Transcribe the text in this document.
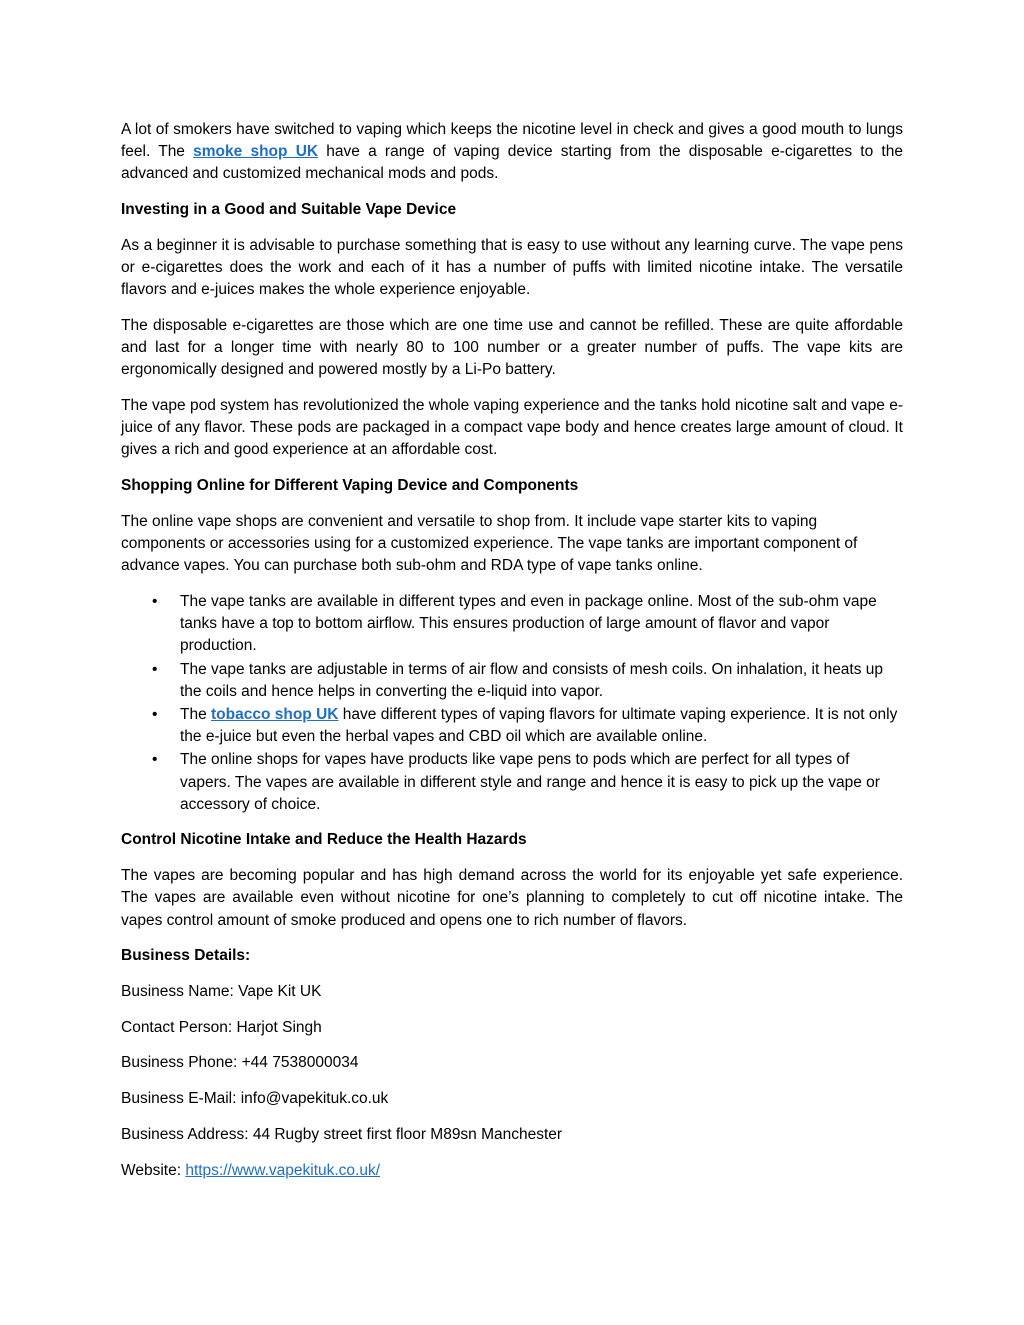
A lot of smokers have switched to vaping which keeps the nicotine level in check and gives a good mouth to lungs feel. The smoke shop UK have a range of vaping device starting from the disposable e-cigarettes to the advanced and customized mechanical mods and pods.

Investing in a Good and Suitable Vape Device

As a beginner it is advisable to purchase something that is easy to use without any learning curve. The vape pens or e-cigarettes does the work and each of it has a number of puffs with limited nicotine intake. The versatile flavors and e-juices makes the whole experience enjoyable.

The disposable e-cigarettes are those which are one time use and cannot be refilled. These are quite affordable and last for a longer time with nearly 80 to 100 number or a greater number of puffs. The vape kits are ergonomically designed and powered mostly by a Li-Po battery.

The vape pod system has revolutionized the whole vaping experience and the tanks hold nicotine salt and vape e-juice of any flavor. These pods are packaged in a compact vape body and hence creates large amount of cloud. It gives a rich and good experience at an affordable cost.

Shopping Online for Different Vaping Device and Components

The online vape shops are convenient and versatile to shop from. It include vape starter kits to vaping components or accessories using for a customized experience. The vape tanks are important component of advance vapes. You can purchase both sub-ohm and RDA type of vape tanks online.

• The vape tanks are available in different types and even in package online. Most of the sub-ohm vape tanks have a top to bottom airflow. This ensures production of large amount of flavor and vapor production.
• The vape tanks are adjustable in terms of air flow and consists of mesh coils. On inhalation, it heats up the coils and hence helps in converting the e-liquid into vapor.
• The tobacco shop UK have different types of vaping flavors for ultimate vaping experience. It is not only the e-juice but even the herbal vapes and CBD oil which are available online.
• The online shops for vapes have products like vape pens to pods which are perfect for all types of vapers. The vapes are available in different style and range and hence it is easy to pick up the vape or accessory of choice.

Control Nicotine Intake and Reduce the Health Hazards

The vapes are becoming popular and has high demand across the world for its enjoyable yet safe experience. The vapes are available even without nicotine for one’s planning to completely to cut off nicotine intake. The vapes control amount of smoke produced and opens one to rich number of flavors.

Business Details:

Business Name: Vape Kit UK

Contact Person: Harjot Singh

Business Phone: +44 7538000034

Business E-Mail: info@vapekituk.co.uk

Business Address: 44 Rugby street first floor M89sn Manchester

Website: https://www.vapekituk.co.uk/
